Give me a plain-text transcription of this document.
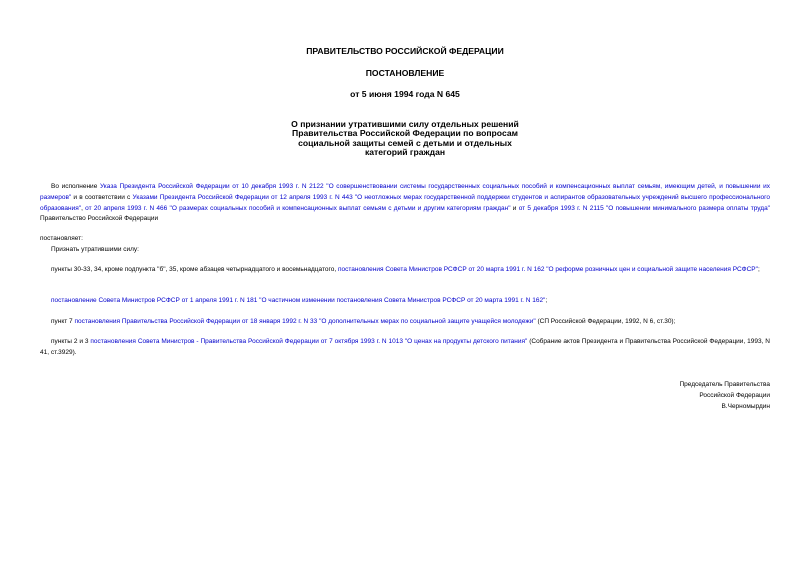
ПРАВИТЕЛЬСТВО РОССИЙСКОЙ ФЕДЕРАЦИИ
ПОСТАНОВЛЕНИЕ
от 5 июня 1994 года N 645
О признании утратившими силу отдельных решений
Правительства Российской Федерации по вопросам
социальной защиты семей с детьми и отдельных
категорий граждан
Во исполнение Указа Президента Российской Федерации от 10 декабря 1993 г. N 2122 "О совершенствовании системы государственных социальных пособий и компенсационных выплат семьям, имеющим детей, и повышении их размеров" и в соответствии с Указами Президента Российской Федерации от 12 апреля 1993 г. N 443 "О неотложных мерах государственной поддержки студентов и аспирантов образовательных учреждений высшего профессионального образования", от 20 апреля 1993 г. N 466 "О размерах социальных пособий и компенсационных выплат семьям с детьми и другим категориям граждан" и от 5 декабря 1993 г. N 2115 "О повышении минимального размера оплаты труда" Правительство Российской Федерации
постановляет:
Признать утратившими силу:
пункты 30-33, 34, кроме подпункта "б", 35, кроме абзацев четырнадцатого и восемьнадцатого, постановления Совета Министров РСФСР от 20 марта 1991 г. N 162 "О реформе розничных цен и социальной защите населения РСФСР";
постановление Совета Министров РСФСР от 1 апреля 1991 г. N 181 "О частичном изменении постановления Совета Министров РСФСР от 20 марта 1991 г. N 162";
пункт 7 постановления Правительства Российской Федерации от 18 января 1992 г. N 33 "О дополнительных мерах по социальной защите учащейся молодежи" (СП Российской Федерации, 1992, N 6, ст.30);
пункты 2 и 3 постановления Совета Министров - Правительства Российской Федерации от 7 октября 1993 г. N 1013 "О ценах на продукты детского питания" (Собрание актов Президента и Правительства Российской Федерации, 1993, N 41, ст.3929).
Председатель Правительства
Российской Федерации
В.Черномырдин
